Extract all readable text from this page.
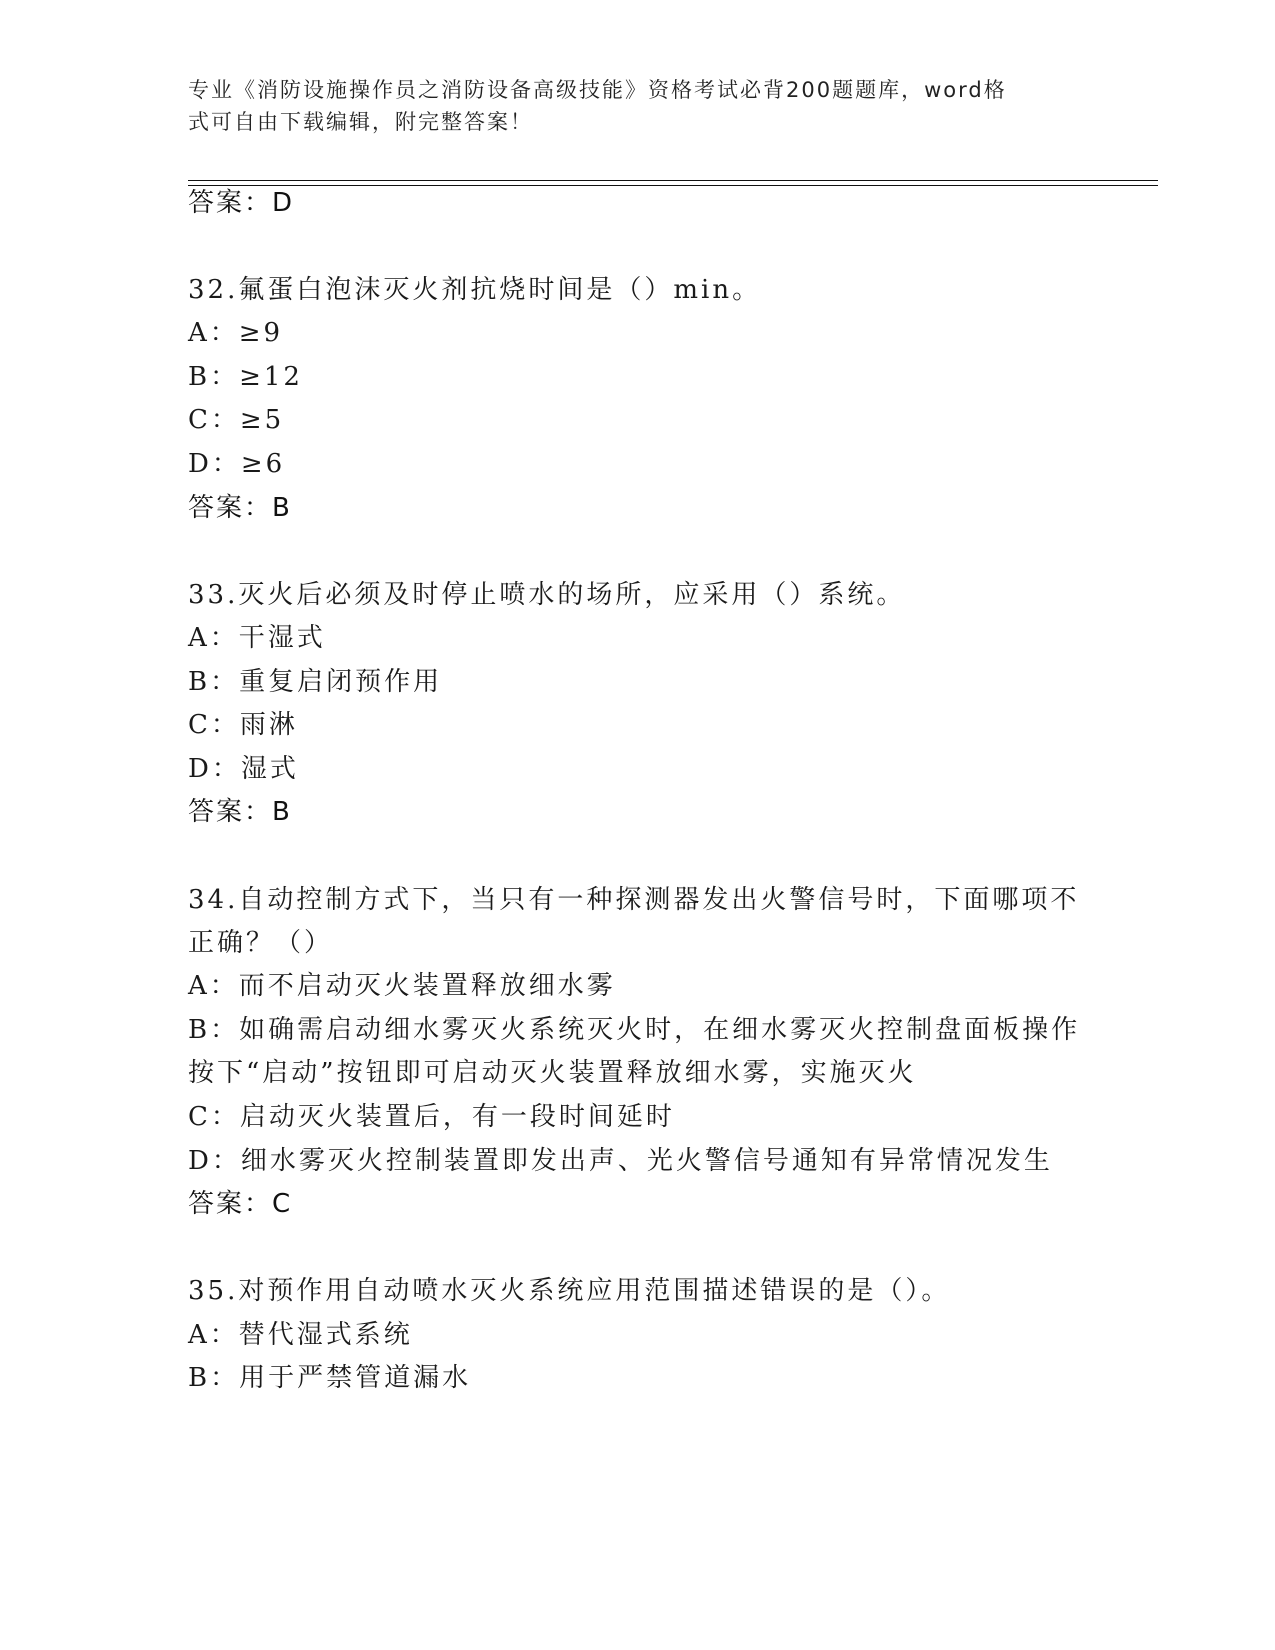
专业《消防设施操作员之消防设备高级技能》资格考试必背200题题库，word格
式可自由下载编辑，附完整答案！
答案：D
32.氟蛋白泡沫灭火剂抗烧时间是（）min。
A：≥9
B：≥12
C：≥5
D：≥6
答案：B
33.灭火后必须及时停止喷水的场所，应采用（）系统。
A：干湿式
B：重复启闭预作用
C：雨淋
D：湿式
答案：B
34.自动控制方式下，当只有一种探测器发出火警信号时，下面哪项不
正确？（）
A：而不启动灭火装置释放细水雾
B：如确需启动细水雾灭火系统灭火时，在细水雾灭火控制盘面板操作
按下“启动”按钮即可启动灭火装置释放细水雾，实施灭火
C：启动灭火装置后，有一段时间延时
D：细水雾灭火控制装置即发出声、光火警信号通知有异常情况发生
答案：C
35.对预作用自动喷水灭火系统应用范围描述错误的是（）。
A：替代湿式系统
B：用于严禁管道漏水
